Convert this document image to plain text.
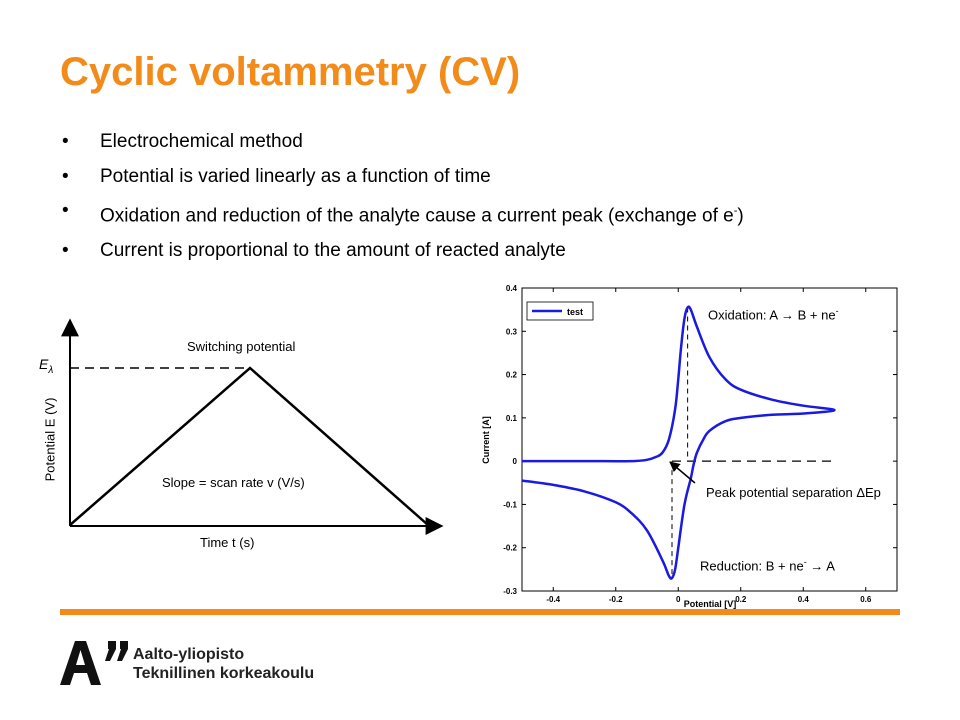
Cyclic voltammetry (CV)
• Electrochemical method
• Potential is varied linearly as a function of time
• Oxidation and reduction of the analyte cause a current peak (exchange of e-)
• Current is proportional to the amount of reacted analyte
$E_\lambda$
Switching potential
Slope = scan rate v (V/s)
Time t (s)
Potential E (V)
0.4
0.3
0.2
0.1
0
-0.1
-0.2
-0.3
-0.4	-0.2	0	0.2	0.4	0.6
test
Potential [V]
Current [A]
Oxidation: A → B + ne-
Peak potential separation ΔEp
Reduction: B + ne- → A
Aalto-yliopisto
Teknillinen korkeakoulu
